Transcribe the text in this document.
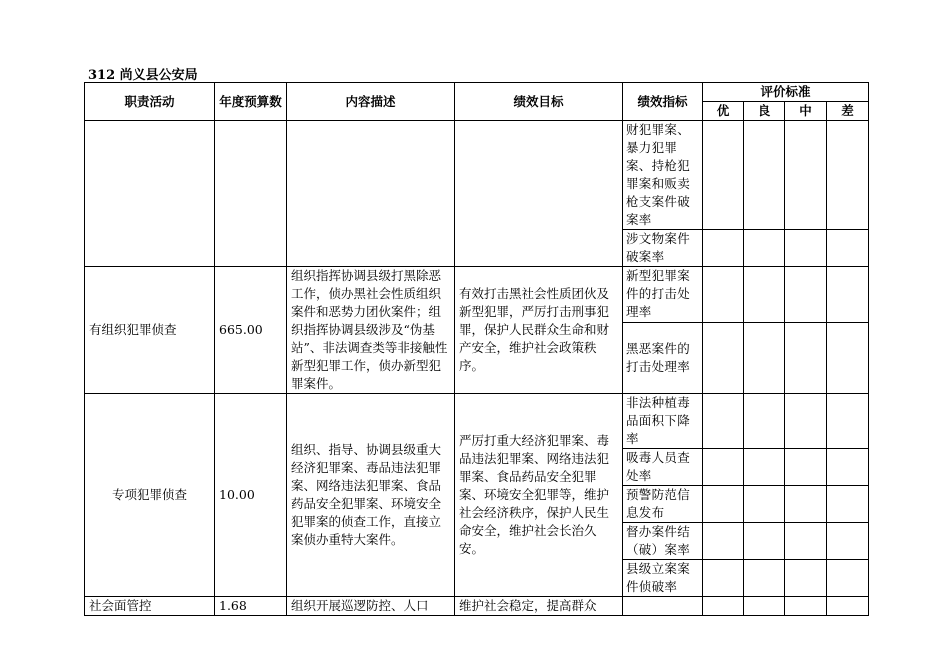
312 尚义县公安局
职责活动	年度预算数	内容描述	绩效目标	绩效指标	评价标准			
					优	良	中	差
				财犯罪案、暴力犯罪案、持枪犯罪案和贩卖枪支案件破案率				
				涉文物案件破案率				
有组织犯罪侦查	665.00	组织指挥协调县级打黑除恶工作，侦办黑社会性质组织案件和恶势力团伙案件；组织指挥协调县级涉及“伪基站”、非法调查类等非接触性新型犯罪工作，侦办新型犯罪案件。	有效打击黑社会性质团伙及新型犯罪，严厉打击刑事犯罪，保护人民群众生命和财产安全，维护社会政策秩序。	新型犯罪案件的打击处理率				
				黑恶案件的打击处理率				
专项犯罪侦查	10.00	组织、指导、协调县级重大经济犯罪案、毒品违法犯罪案、网络违法犯罪案、食品药品安全犯罪案、环境安全犯罪案的侦查工作，直接立案侦办重特大案件。	严厉打重大经济犯罪案、毒品违法犯罪案、网络违法犯罪案、食品药品安全犯罪案、环境安全犯罪等，维护社会经济秩序，保护人民生命安全，维护社会长治久安。	非法种植毒品面积下降率				
				吸毒人员查处率				
				预警防范信息发布				
				督办案件结（破）案率				
				县级立案案件侦破率				
社会面管控	1.68	组织开展巡逻防控、人口	维护社会稳定，提高群众					
